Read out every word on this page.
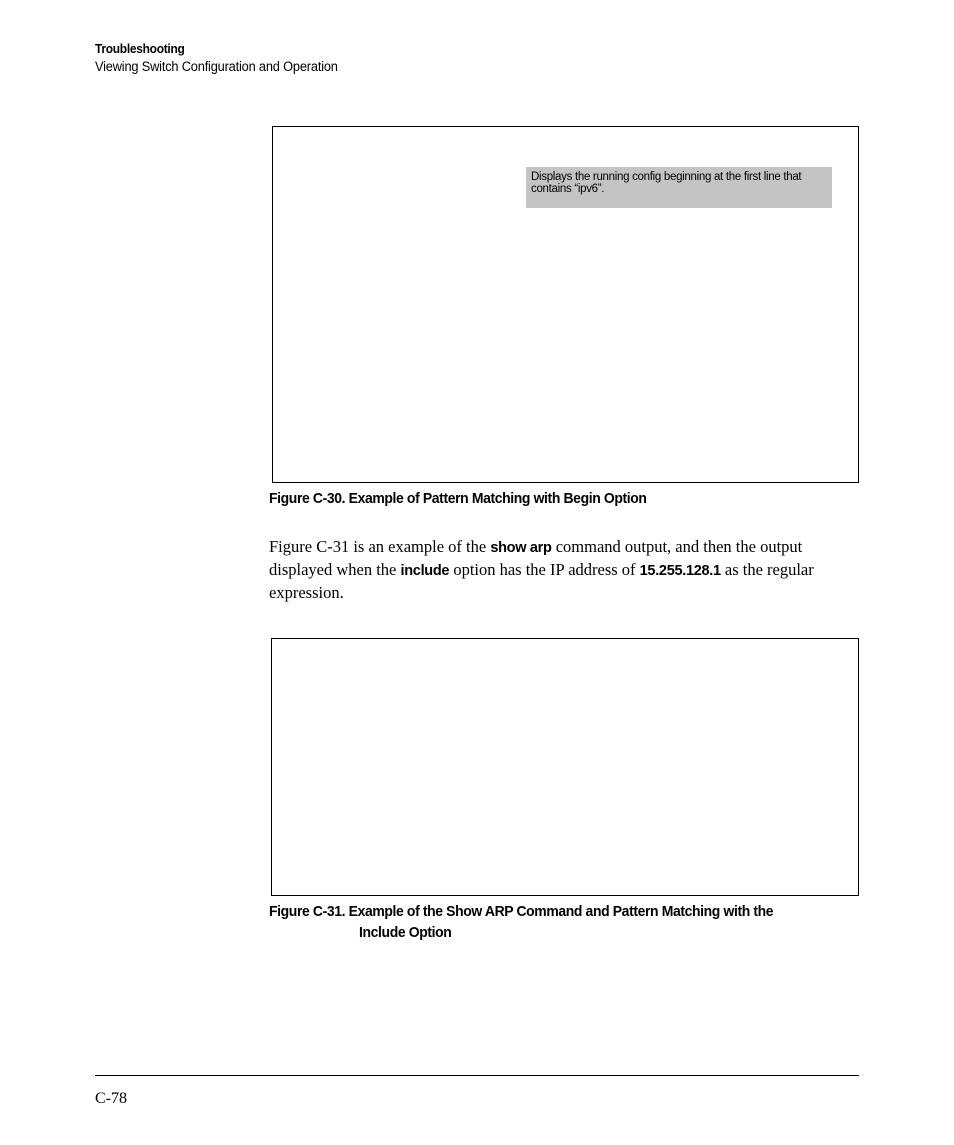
Troubleshooting
Viewing Switch Configuration and Operation
Displays the running config beginning at the first line that contains “ipv6”.
Figure C-30. Example of Pattern Matching with Begin Option
Figure C-31 is an example of the show arp command output, and then the output displayed when the include option has the IP address of 15.255.128.1 as the regular expression.
Figure C-31. Example of the Show ARP Command and Pattern Matching with the
Include Option
C-78
